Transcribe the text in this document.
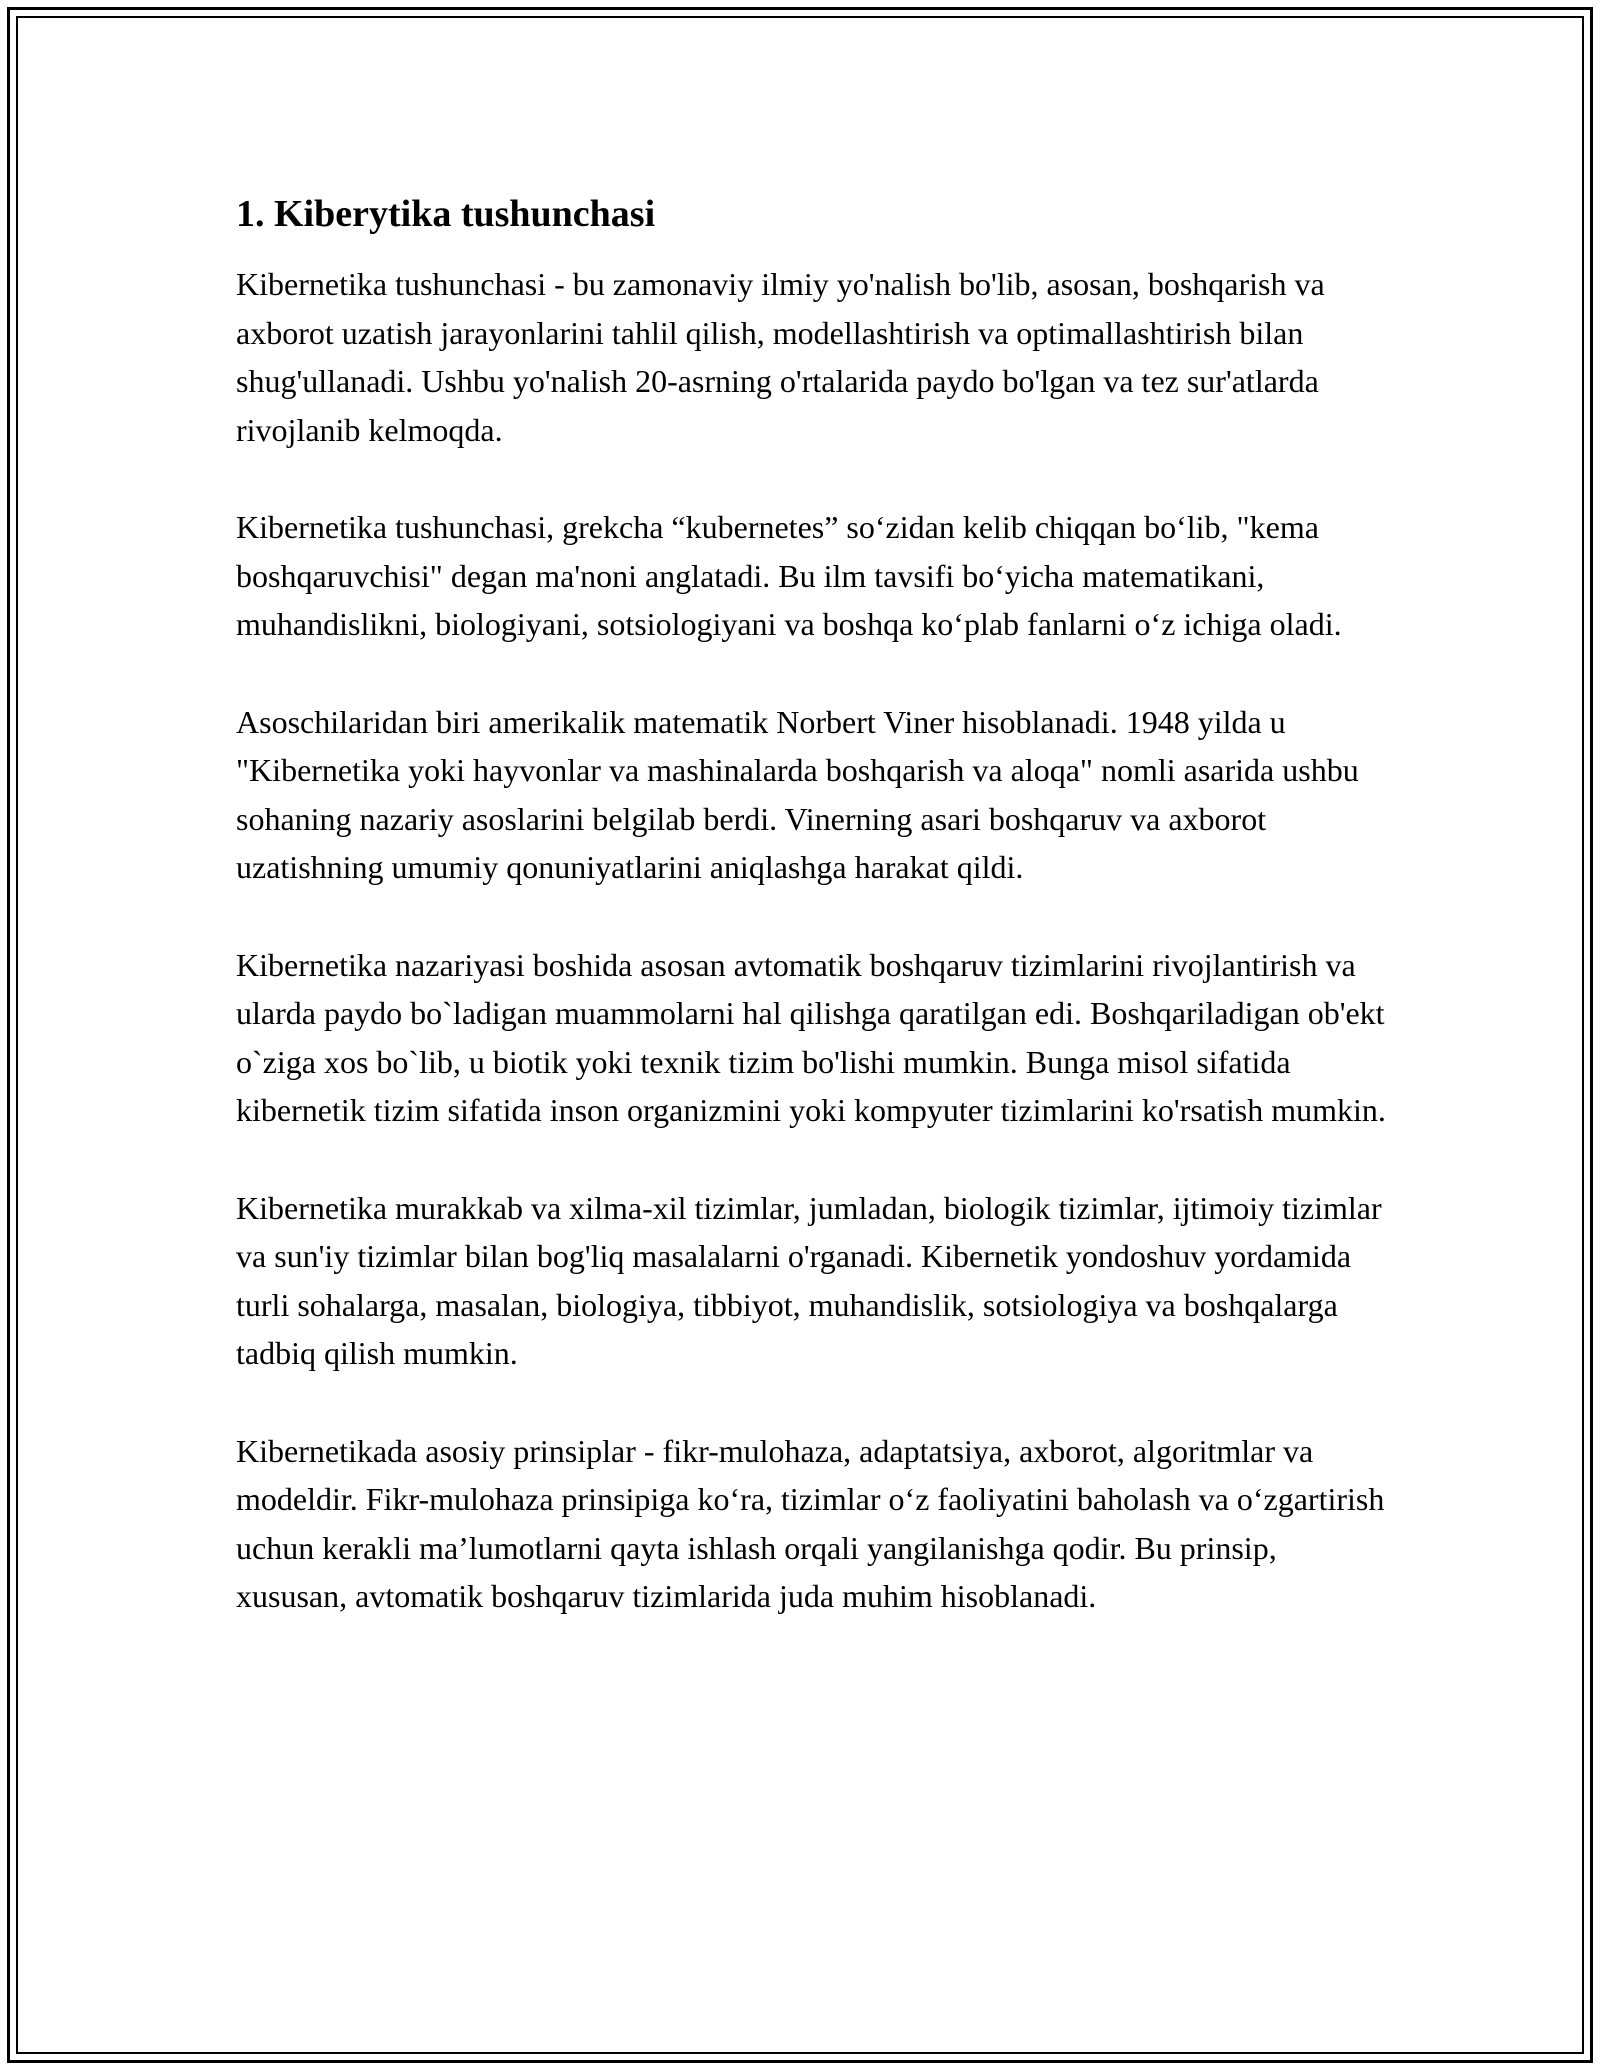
1. Kiberytika tushunchasi

Kibernetika tushunchasi - bu zamonaviy ilmiy yo'nalish bo'lib, asosan, boshqarish va axborot uzatish jarayonlarini tahlil qilish, modellashtirish va optimallashtirish bilan shug'ullanadi. Ushbu yo'nalish 20-asrning o'rtalarida paydo bo'lgan va tez sur'atlarda rivojlanib kelmoqda.

Kibernetika tushunchasi, grekcha “kubernetes” so‘zidan kelib chiqqan bo‘lib, "kema boshqaruvchisi" degan ma'noni anglatadi. Bu ilm tavsifi bo‘yicha matematikani, muhandislikni, biologiyani, sotsiologiyani va boshqa ko‘plab fanlarni o‘z ichiga oladi.

Asoschilaridan biri amerikalik matematik Norbert Viner hisoblanadi. 1948 yilda u "Kibernetika yoki hayvonlar va mashinalarda boshqarish va aloqa" nomli asarida ushbu sohaning nazariy asoslarini belgilab berdi. Vinerning asari boshqaruv va axborot uzatishning umumiy qonuniyatlarini aniqlashga harakat qildi.

Kibernetika nazariyasi boshida asosan avtomatik boshqaruv tizimlarini rivojlantirish va ularda paydo bo`ladigan muammolarni hal qilishga qaratilgan edi. Boshqariladigan ob'ekt o`ziga xos bo`lib, u biotik yoki texnik tizim bo'lishi mumkin. Bunga misol sifatida kibernetik tizim sifatida inson organizmini yoki kompyuter tizimlarini ko'rsatish mumkin.

Kibernetika murakkab va xilma-xil tizimlar, jumladan, biologik tizimlar, ijtimoiy tizimlar va sun'iy tizimlar bilan bog'liq masalalarni o'rganadi. Kibernetik yondoshuv yordamida turli sohalarga, masalan, biologiya, tibbiyot, muhandislik, sotsiologiya va boshqalarga tadbiq qilish mumkin.

Kibernetikada asosiy prinsiplar - fikr-mulohaza, adaptatsiya, axborot, algoritmlar va modeldir. Fikr-mulohaza prinsipiga ko‘ra, tizimlar o‘z faoliyatini baholash va o‘zgartirish uchun kerakli ma’lumotlarni qayta ishlash orqali yangilanishga qodir. Bu prinsip, xususan, avtomatik boshqaruv tizimlarida juda muhim hisoblanadi.
